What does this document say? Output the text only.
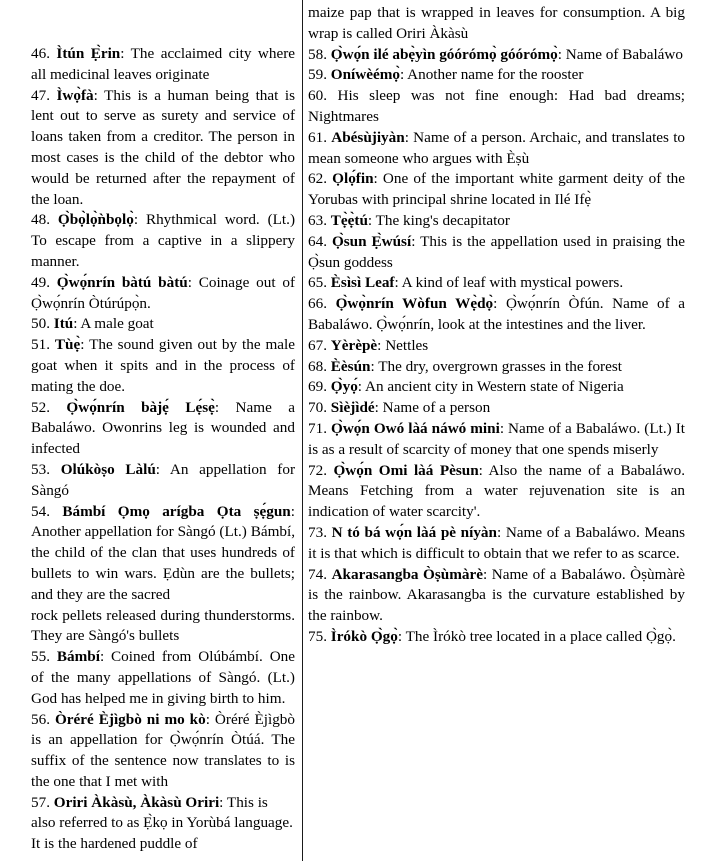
46. Ìtún Ẹ̀rin: The acclaimed city where all medicinal leaves originate

47. Ìwọ̀fà: This is a human being that is lent out to serve as surety and service of loans taken from a creditor. The person in most cases is the child of the debtor who would be returned after the repayment of the loan.

48. Ọ̀bọ̀lọ̀ǹbọlọ̀: Rhythmical word. (Lt.) To escape from a captive in a slippery manner.

49. Ọ̀wọ́nrín bàtú bàtú: Coinage out of Ọ̀wọ́nrín Òtúrúpọ̀n.

50. Itú: A male goat

51. Tùẹ̀: The sound given out by the male goat when it spits and in the process of mating the doe.

52. Ọ̀wọ́nrín bàjẹ́ Lẹ́sẹ̀: Name a Babaláwo. Owonrins leg is wounded and infected

53. Olúkòṣo Làlú: An appellation for Sàngó

54. Bámbí Ọmọ arígba Ọta ṣẹ́gun: Another appellation for Sàngó (Lt.) Bámbí, the child of the clan that uses hundreds of bullets to win wars. Ẹdùn are the bullets; and they are the sacred

rock pellets released during thunderstorms. They are Sàngó's bullets

55. Bámbí: Coined from Olúbámbí. One of the many appellations of Sàngó. (Lt.) God has helped me in giving birth to him.

56. Òréré Èjìgbò ni mo kò: Òréré Èjìgbò is an appellation for Ọ̀wọ́nrín Òtúá. The suffix of the sentence now translates to is the one that I met with

57. Oriri Àkàsù, Àkàsù Oriri: This is also referred to as Ẹ̀kọ in Yorùbá language. It is the hardened puddle of

maize pap that is wrapped in leaves for consumption. A big wrap is called Oriri Àkàsù

58. Ọ̀wọ́n ilé abẹ̀yìn góórómọ̀ góórómọ̀: Name of Babaláwo

59. Oníwèémọ̀: Another name for the rooster

60. His sleep was not fine enough: Had bad dreams; Nightmares

61. Abésùjiyàn: Name of a person. Archaic, and translates to mean someone who argues with Èṣù

62. Ọlọ́fin: One of the important white garment deity of the Yorubas with principal shrine located in Ilé Ifẹ̀

63. Tẹ̀ẹ̀tú: The king's decapitator

64. Ọ̀sun Ẹ̀wúsí: This is the appellation used in praising the Ọ̀sun goddess

65. Èsìsì Leaf: A kind of leaf with mystical powers.

66. Ọ̀wọ̀nrín Wòfun Wẹ̀dọ̀: Ọ̀wọ́nrín Òfún. Name of a Babaláwo. Ọ̀wọ́nrín, look at the intestines and the liver.

67. Yèrèpè: Nettles

68. Èèsún: The dry, overgrown grasses in the forest

69. Ọ̀yọ́: An ancient city in Western state of Nigeria

70. Sìèjìdé: Name of a person

71. Ọ̀wọ́n Owó làá náwó mini: Name of a Babaláwo. (Lt.) It is as a result of scarcity of money that one spends miserly

72. Ọ̀wọ́n Omi làá Pèsun: Also the name of a Babaláwo. Means Fetching from a water rejuvenation site is an indication of water scarcity'.

73. N tó bá wọ́n làá pè níyàn: Name of a Babaláwo. Means it is that which is difficult to obtain that we refer to as scarce.

74. Akarasangba Òṣùmàrè: Name of a Babaláwo. Òṣùmàrè is the rainbow. Akarasangba is the curvature established by the rainbow.

75. Ìrókò Ọ̀gọ̀: The Ìrókò tree located in a place called Ọ̀gọ̀.
